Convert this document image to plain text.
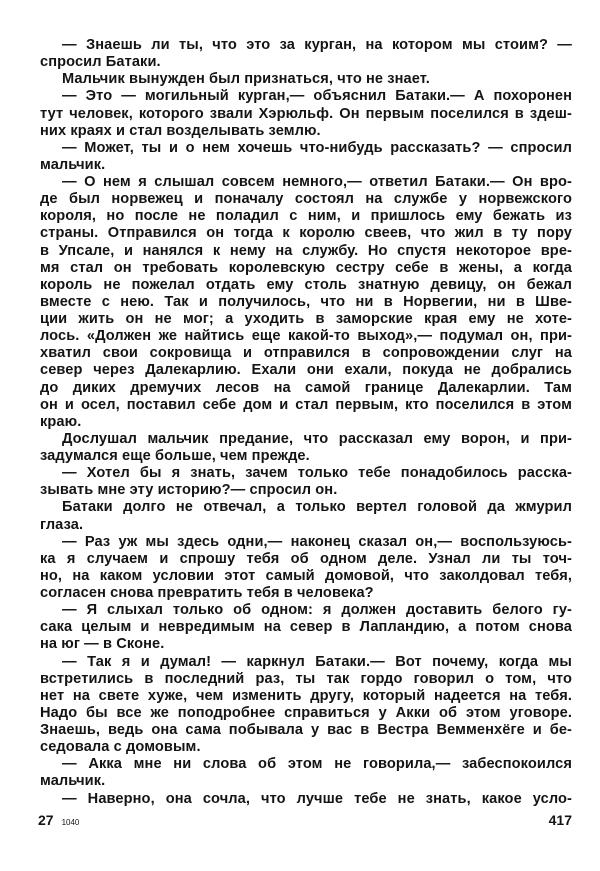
— Знаешь ли ты, что это за курган, на котором мы стоим? —
спросил Батаки.
Мальчик вынужден был признаться, что не знает.
— Это — могильный курган,— объяснил Батаки.— А похоронен
тут человек, которого звали Хэрюльф. Он первым поселился в здеш-
них краях и стал возделывать землю.
— Может, ты и о нем хочешь что-нибудь рассказать? — спросил
мальчик.
— О нем я слышал совсем немного,— ответил Батаки.— Он вро-
де был норвежец и поначалу состоял на службе у норвежского
короля, но после не поладил с ним, и пришлось ему бежать из
страны. Отправился он тогда к королю свеев, что жил в ту пору
в Упсале, и нанялся к нему на службу. Но спустя некоторое вре-
мя стал он требовать королевскую сестру себе в жены, а когда
король не пожелал отдать ему столь знатную девицу, он бежал
вместе с нею. Так и получилось, что ни в Норвегии, ни в Шве-
ции жить он не мог; а уходить в заморские края ему не хоте-
лось. «Должен же найтись еще какой-то выход»,— подумал он, при-
хватил свои сокровища и отправился в сопровождении слуг на
север через Далекарлию. Ехали они ехали, покуда не добрались
до диких дремучих лесов на самой границе Далекарлии. Там
он и осел, поставил себе дом и стал первым, кто поселился в этом
краю.
Дослушал мальчик предание, что рассказал ему ворон, и при-
задумался еще больше, чем прежде.
— Хотел бы я знать, зачем только тебе понадобилось расска-
зывать мне эту историю?— спросил он.
Батаки долго не отвечал, а только вертел головой да жмурил
глаза.
— Раз уж мы здесь одни,— наконец сказал он,— воспользуюсь-
ка я случаем и спрошу тебя об одном деле. Узнал ли ты точ-
но, на каком условии этот самый домовой, что заколдовал тебя,
согласен снова превратить тебя в человека?
— Я слыхал только об одном: я должен доставить белого гу-
сака целым и невредимым на север в Лапландию, а потом снова
на юг — в Сконе.
— Так я и думал! — каркнул Батаки.— Вот почему, когда мы
встретились в последний раз, ты так гордо говорил о том, что
нет на свете хуже, чем изменить другу, который надеется на тебя.
Надо бы все же поподробнее справиться у Акки об этом уговоре.
Знаешь, ведь она сама побывала у вас в Вестра Вемменхёге и бе-
седовала с домовым.
— Акка мне ни слова об этом не говорила,— забеспокоился
мальчик.
— Наверно, она сочла, что лучше тебе не знать, какое усло-
27 1040	417
